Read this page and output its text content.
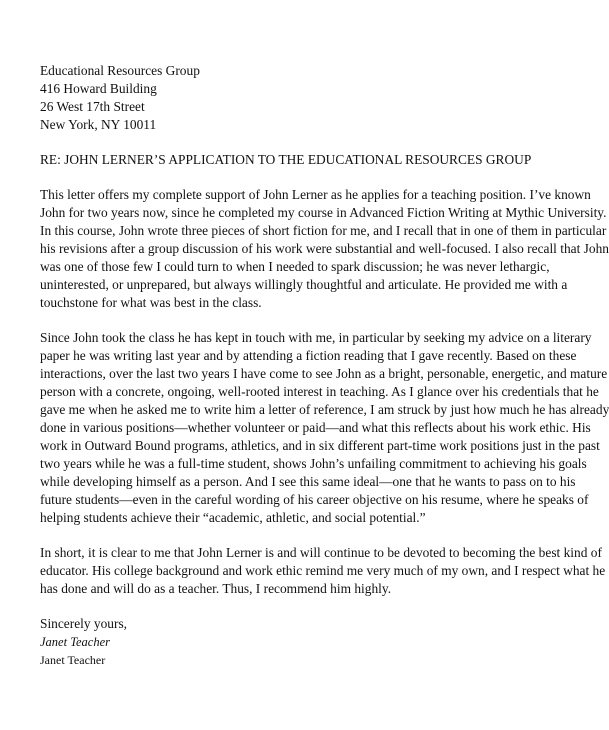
Educational Resources Group
416 Howard Building
26 West 17th Street
New York, NY 10011
RE: JOHN LERNER’S APPLICATION TO THE EDUCATIONAL RESOURCES GROUP

This letter offers my complete support of John Lerner as he applies for a teaching position. I’ve known
John for two years now, since he completed my course in Advanced Fiction Writing at Mythic University.
In this course, John wrote three pieces of short fiction for me, and I recall that in one of them in particular
his revisions after a group discussion of his work were substantial and well-focused. I also recall that John
was one of those few I could turn to when I needed to spark discussion; he was never lethargic,
uninterested, or unprepared, but always willingly thoughtful and articulate. He provided me with a
touchstone for what was best in the class.

Since John took the class he has kept in touch with me, in particular by seeking my advice on a literary
paper he was writing last year and by attending a fiction reading that I gave recently. Based on these
interactions, over the last two years I have come to see John as a bright, personable, energetic, and mature
person with a concrete, ongoing, well-rooted interest in teaching. As I glance over his credentials that he
gave me when he asked me to write him a letter of reference, I am struck by just how much he has already
done in various positions—whether volunteer or paid—and what this reflects about his work ethic. His
work in Outward Bound programs, athletics, and in six different part-time work positions just in the past
two years while he was a full-time student, shows John’s unfailing commitment to achieving his goals
while developing himself as a person. And I see this same ideal—one that he wants to pass on to his
future students—even in the careful wording of his career objective on his resume, where he speaks of
helping students achieve their “academic, athletic, and social potential.”

In short, it is clear to me that John Lerner is and will continue to be devoted to becoming the best kind of
educator. His college background and work ethic remind me very much of my own, and I respect what he
has done and will do as a teacher. Thus, I recommend him highly.

Sincerely yours,
Janet Teacher
Janet Teacher
